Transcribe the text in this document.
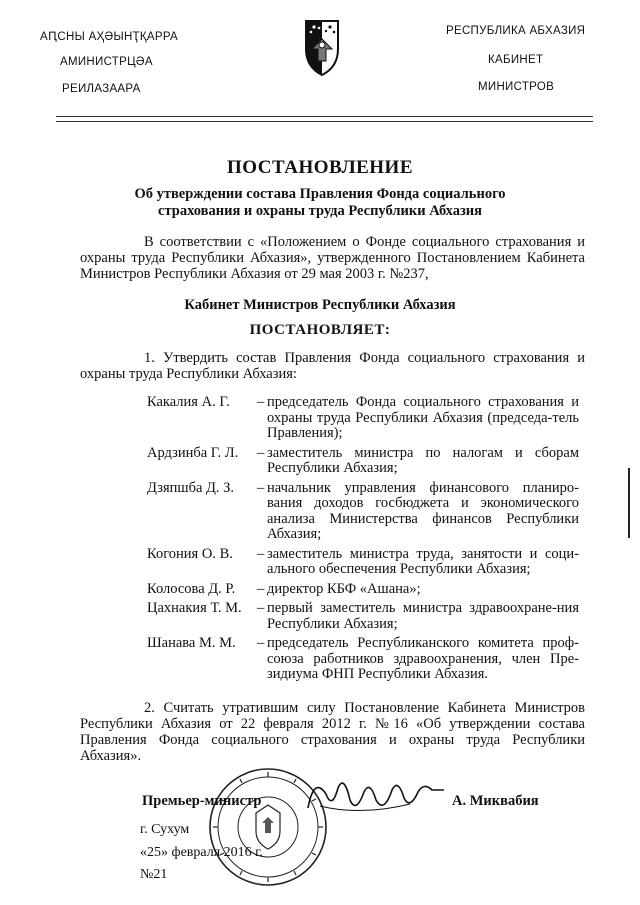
АԤСНЫ АҲӘЫНҬҚАРРА
АМИНИСТРЦӘА
РЕИЛАЗААРА
РЕСПУБЛИКА АБХАЗИЯ
КАБИНЕТ
МИНИСТРОВ
ПОСТАНОВЛЕНИЕ
Об утверждении состава Правления Фонда социального
страхования и охраны труда Республики Абхазия
В соответствии с «Положением о Фонде социального страхования и охраны труда Республики Абхазия», утвержденного Постановлением Кабинета Министров Республики Абхазия от 29 мая 2003 г. №237,
Кабинет Министров Республики Абхазия
ПОСТАНОВЛЯЕТ:
1. Утвердить состав Правления Фонда социального страхования и охраны труда Республики Абхазия:
Какалия А. Г.	– председатель Фонда социального страхования и охраны труда Республики Абхазия (председа-тель Правления);
Ардзинба Г. Л.	– заместитель министра по налогам и сборам Республики Абхазия;
Дзяпшба Д. З.	– начальник управления финансового планиро-вания доходов госбюджета и экономического анализа Министерства финансов Республики Абхазия;
Когония О. В.	– заместитель министра труда, занятости и соци-ального обеспечения Республики Абхазия;
Колосова Д. Р.	– директор КБФ «Ашана»;
Цахнакия Т. М.	– первый заместитель министра здравоохране-ния Республики Абхазия;
Шанава М. М.	– председатель Республиканского комитета проф-союза работников здравоохранения, член Пре-зидиума ФНП Республики Абхазия.
2. Считать утратившим силу Постановление Кабинета Министров Республики Абхазия от 22 февраля 2012 г. №16 «Об утверждении состава Правления Фонда социального страхования и охраны труда Республики Абхазия».
Премьер-министр	А. Миквабия
г. Сухум
«25» февраля 2016 г.
№21
